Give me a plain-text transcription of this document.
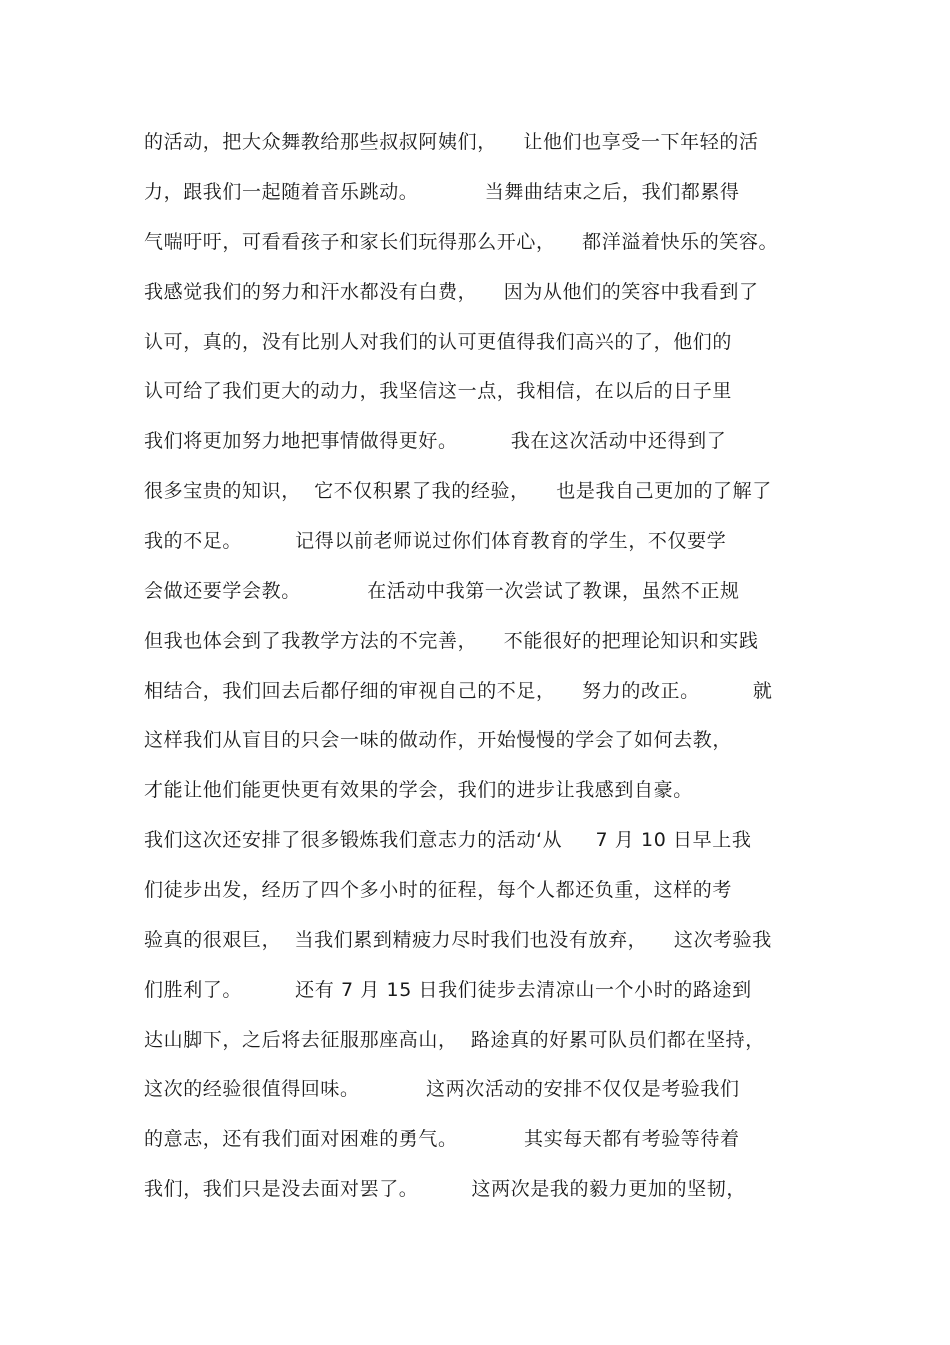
的活动，把大众舞教给那些叔叔阿姨们，    让他们也享受一下年轻的活
力，跟我们一起随着音乐跳动。          当舞曲结束之后，我们都累得
气喘吁吁，可看看孩子和家长们玩得那么开心，    都洋溢着快乐的笑容。
我感觉我们的努力和汗水都没有白费，    因为从他们的笑容中我看到了
认可，真的，没有比别人对我们的认可更值得我们高兴的了，他们的
认可给了我们更大的动力，我坚信这一点，我相信，在以后的日子里
我们将更加努力地把事情做得更好。        我在这次活动中还得到了
很多宝贵的知识，  它不仅积累了我的经验，    也是我自己更加的了解了
我的不足。        记得以前老师说过你们体育教育的学生，不仅要学
会做还要学会教。          在活动中我第一次尝试了教课，虽然不正规
但我也体会到了我教学方法的不完善，    不能很好的把理论知识和实践
相结合，我们回去后都仔细的审视自己的不足，    努力的改正。        就
这样我们从盲目的只会一味的做动作，开始慢慢的学会了如何去教，
才能让他们能更快更有效果的学会，我们的进步让我感到自豪。
我们这次还安排了很多锻炼我们意志力的活动‘从     7 月 10 日早上我
们徒步出发，经历了四个多小时的征程，每个人都还负重，这样的考
验真的很艰巨，  当我们累到精疲力尽时我们也没有放弃，    这次考验我
们胜利了。        还有 7 月 15 日我们徒步去清凉山一个小时的路途到
达山脚下，之后将去征服那座高山，  路途真的好累可队员们都在坚持，
这次的经验很值得回味。          这两次活动的安排不仅仅是考验我们
的意志，还有我们面对困难的勇气。          其实每天都有考验等待着
我们，我们只是没去面对罢了。        这两次是我的毅力更加的坚韧，
